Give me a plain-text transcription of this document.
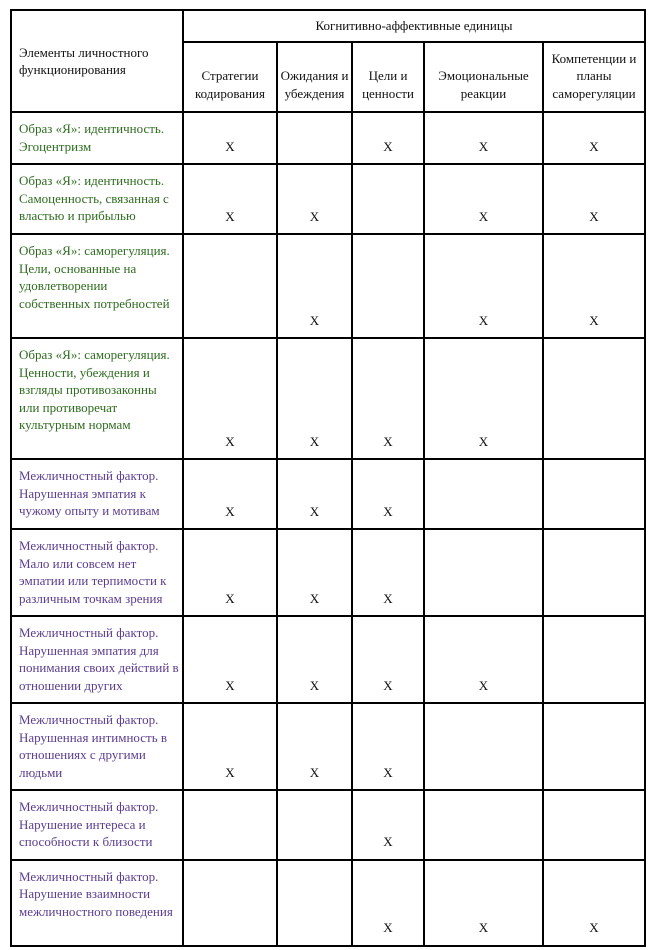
Элементы личностного функционирования	Когнитивно-аффективные единицы				
	Стратегии кодирования	Ожидания и убеждения	Цели и ценности	Эмоциональные реакции	Компетенции и планы саморегуляции
Образ «Я»: идентичность. Эгоцентризм	X		X	X	X
Образ «Я»: идентичность. Самоценность, связанная с властью и прибылью	X	X		X	X
Образ «Я»: саморегуляция. Цели, основанные на удовлетворении собственных потребностей		X		X	X
Образ «Я»: саморегуляция. Ценности, убеждения и взгляды противозаконны или противоречат культурным нормам	X	X	X	X	
Межличностный фактор. Нарушенная эмпатия к чужому опыту и мотивам	X	X	X		
Межличностный фактор. Мало или совсем нет эмпатии или терпимости к различным точкам зрения	X	X	X		
Межличностный фактор. Нарушенная эмпатия для понимания своих действий в отношении других	X	X	X	X	
Межличностный фактор. Нарушенная интимность в отношениях с другими людьми	X	X	X		
Межличностный фактор. Нарушение интереса и способности к близости			X		
Межличностный фактор. Нарушение взаимности межличностного поведения			X	X	X
